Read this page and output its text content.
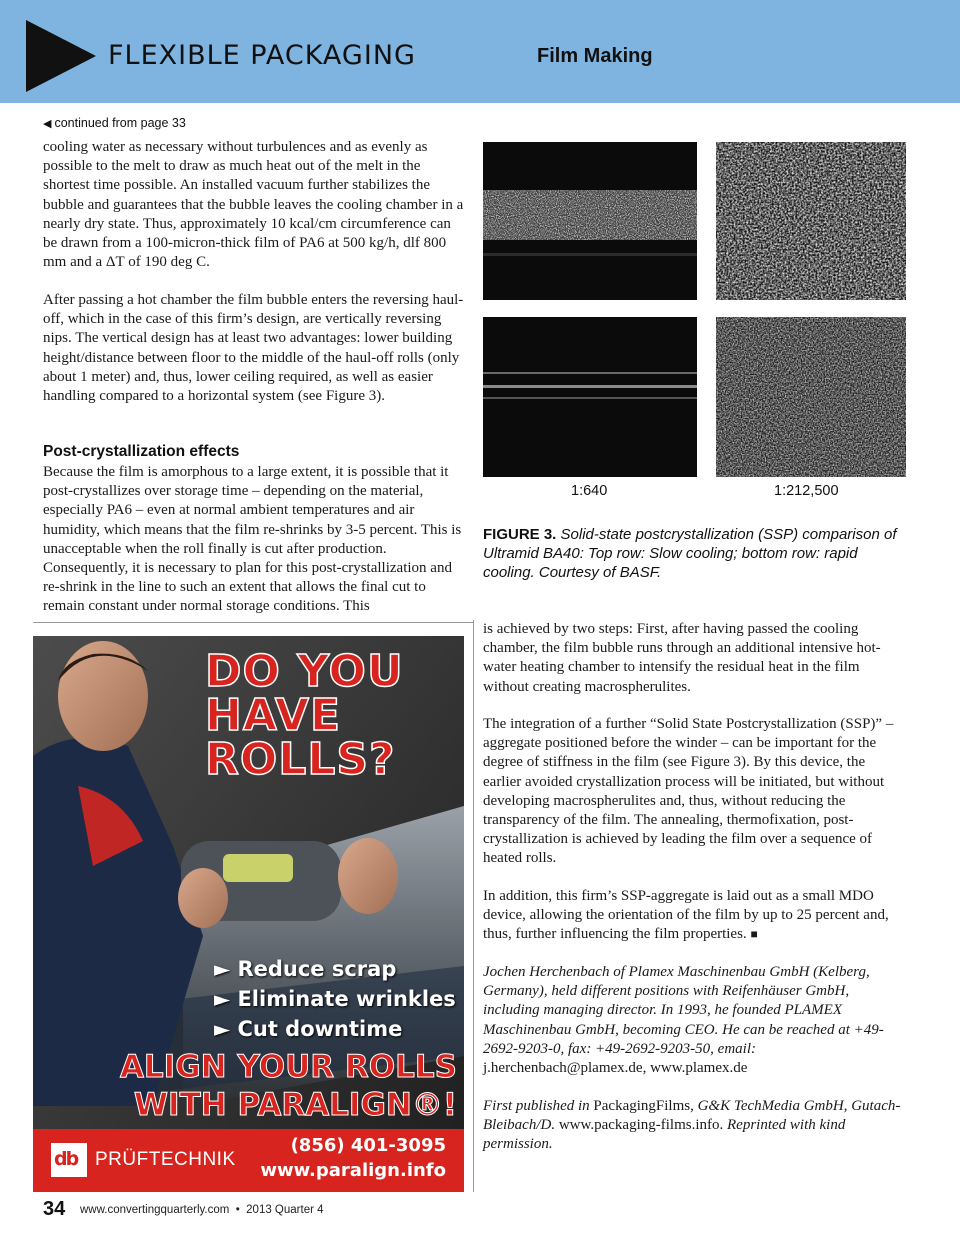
FLEXIBLE PACKAGING	Film Making
◀ continued from page 33

cooling water as necessary without turbulences and as evenly as possible to the melt to draw as much heat out of the melt in the shortest time possible. An installed vacuum further stabilizes the bubble and guarantees that the bubble leaves the cooling chamber in a nearly dry state. Thus, approximately 10 kcal/cm circumference can be drawn from a 100-micron-thick film of PA6 at 500 kg/h, dlf 800 mm and a ΔT of 190 deg C.

After passing a hot chamber the film bubble enters the reversing haul-off, which in the case of this firm’s design, are vertically reversing nips. The vertical design has at least two advantages: lower building height/distance between floor to the middle of the haul-off rolls (only about 1 meter) and, thus, lower ceiling required, as well as easier handling compared to a horizontal system (see Figure 3).

Post-crystallization effects

Because the film is amorphous to a large extent, it is possible that it post-crystallizes over storage time – depending on the material, especially PA6 – even at normal ambient temperatures and air humidity, which means that the film re-shrinks by 3-5 percent. This is unacceptable when the roll finally is cut after production. Consequently, it is necessary to plan for this post-crystallization and re-shrink in the line to such an extent that allows the final cut to remain constant under normal storage conditions. This

1:640	1:212,500
FIGURE 3. Solid-state postcrystallization (SSP) comparison of Ultramid BA40: Top row: Slow cooling; bottom row: rapid cooling. Courtesy of BASF.

is achieved by two steps: First, after having passed the cooling chamber, the film bubble runs through an additional intensive hot-water heating chamber to intensify the residual heat in the film without creating macrospherulites.

The integration of a further “Solid State Postcrystallization (SSP)” – aggregate positioned before the winder – can be important for the degree of stiffness in the film (see Figure 3). By this device, the earlier avoided crystallization process will be initiated, but without developing macrospherulites and, thus, without reducing the transparency of the film. The annealing, thermofixation, post-crystallization is achieved by leading the film over a sequence of heated rolls.

In addition, this firm’s SSP-aggregate is laid out as a small MDO device, allowing the orientation of the film by up to 25 percent and, thus, further influencing the film properties. ■

Jochen Herchenbach of Plamex Maschinenbau GmbH (Kelberg, Germany), held different positions with Reifenhäuser GmbH, including managing director. In 1993, he founded PLAMEX Maschinenbau GmbH, becoming CEO. He can be reached at +49-2692-9203-0, fax: +49-2692-9203-50, email: j.herchenbach@plamex.de, www.plamex.de

First published in PackagingFilms, G&K TechMedia GmbH, Gutach-Bleibach/D. www.packaging-films.info. Reprinted with kind permission.

DO YOU
HAVE
ROLLS?
► Reduce scrap
► Eliminate wrinkles
► Cut downtime
ALIGN YOUR ROLLS
WITH PARALIGN®!
db PRÜFTECHNIK
(856) 401-3095
www.paralign.info
34 www.convertingquarterly.com • 2013 Quarter 4
